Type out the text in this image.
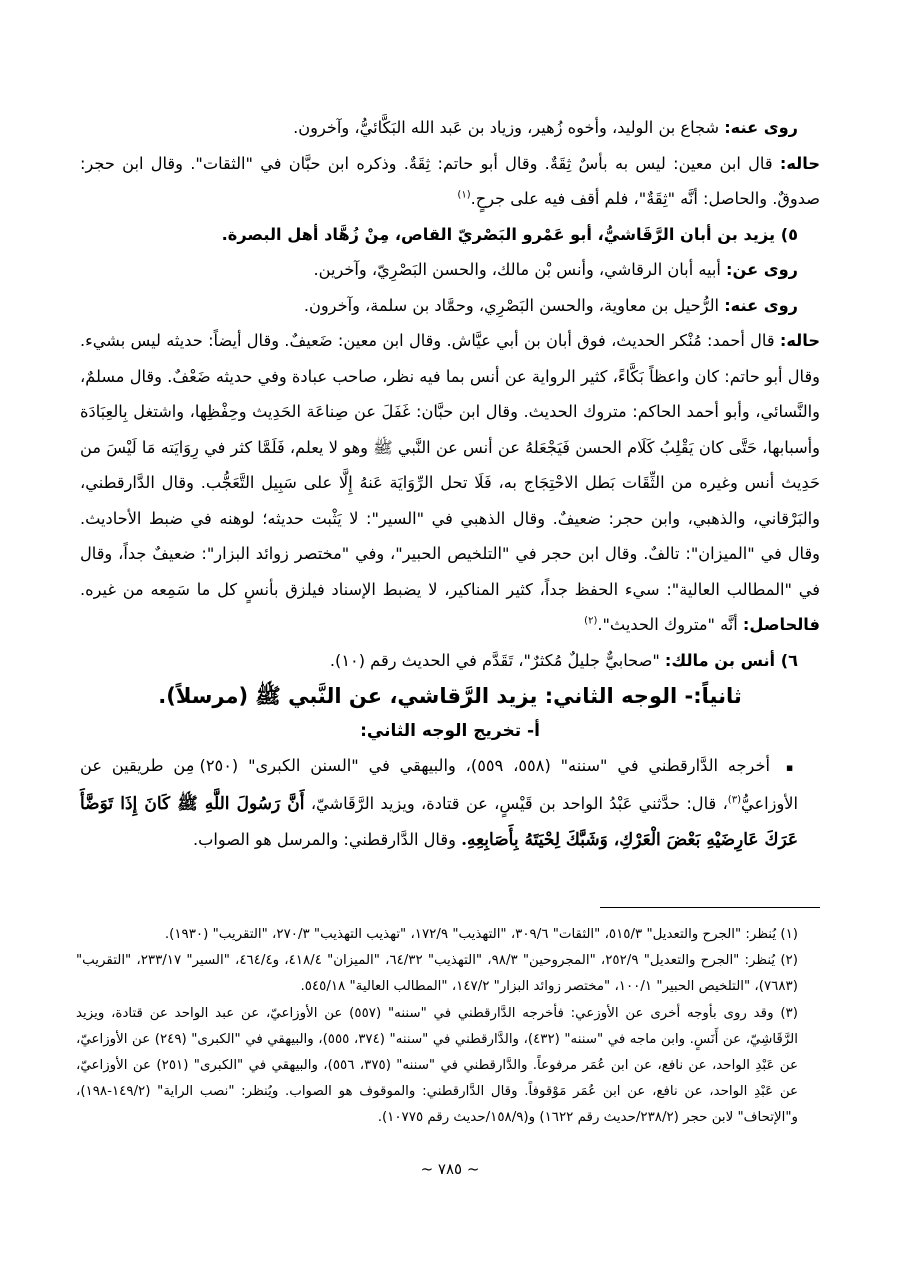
روى عنه: شجاع بن الوليد، وأخوه زُهير، وزياد بن عَبد الله البَكَّائيُّ، وآخرون.

حاله: قال ابن معين: ليس به بأسٌ ثِقَةٌ. وقال أبو حاتم: ثِقَةٌ. وذكره ابن حبَّان في "الثقات". وقال ابن حجر: صدوقٌ. والحاصل: أنَّه "ثِقَةٌ"، فلم أقف فيه على جرحٍ.$^{(١)}$

٥) يزيد بن أبان الرَّقَاشيُّ، أبو عَمْرو البَصْريّ القاص، مِنْ زُهَّاد أهل البصرة.

روى عن: أبيه أبان الرقاشي، وأنس بْن مالك، والحسن البَصْرِيّ، وآخرين.

روى عنه: الرُّحيل بن معاوية، والحسن البَصْرِي، وحمَّاد بن سلمة، وآخرون.

حاله: قال أحمد: مُنْكر الحديث، فوق أبان بن أبي عيَّاش. وقال ابن معين: ضَعيفٌ. وقال أيضاً: حديثه ليس بشيء. وقال أبو حاتم: كان واعظاً بَكَّاءً، كثير الرواية عن أنس بما فيه نظر، صاحب عبادة وفي حديثه ضَعْفٌ. وقال مسلمٌ، والنَّسائي، وأبو أحمد الحاكم: متروك الحديث. وقال ابن حبَّان: غَفَلَ عن صِناعَة الحَدِيث وحِفْظِها، واشتغل بِالعِبَادَة وأسبابها، حَتَّى كان يَقْلِبُ كَلَام الحسن فَيَجْعَلهُ عن أنس عن النَّبي ﷺ وهو لا يعلم، فَلَمَّا كثر في رِوَايَته مَا لَيْسَ من حَدِيث أنس وغيره من الثِّقَات بَطل الاحْتِجَاج به، فَلَا تحل الرِّوَايَة عَنهُ إِلَّا على سَبِيل التَّعَجُّب. وقال الدَّارقطني، والبَرْقاني، والذهبي، وابن حجر: ضعيفٌ. وقال الذهبي في "السير": لا يَثْبت حديثه؛ لوهنه في ضبط الأحاديث. وقال في "الميزان": تالفٌ. وقال ابن حجر في "التلخيص الحبير"، وفي "مختصر زوائد البزار": ضعيفٌ جداً، وقال في "المطالب العالية": سيء الحفظ جداً، كثير المناكير، لا يضبط الإسناد فيلزق بأنسٍ كل ما سَمِعه من غيره. فالحاصل: أنَّه "متروك الحديث".$^{(٢)}$

٦) أنس بن مالك: "صحابيٌّ جليلٌ مُكثرٌ"، تَقَدَّم في الحديث رقم (١٠).

ثانياً:- الوجه الثاني: يزيد الرَّقاشي، عن النَّبي ﷺ (مرسلاً).

أ- تخريج الوجه الثاني:

▪ أخرجه الدَّارقطني في "سننه" (٥٥٨، ٥٥٩)، والبيهقي في "السنن الكبرى" (٢٥٠) مِن طريقين عن الأوزاعيُّ$^{(٣)}$، قال: حدَّثني عَبْدُ الواحد بن قَيْسٍ، عن قتادة، ويزيد الرَّقَاشيّ، أَنَّ رَسُولَ اللَّهِ ﷺ كَانَ إِذَا تَوَضَّأَ عَرَكَ عَارِضَيْهِ بَعْضَ الْعَرْكِ، وَشَبَّكَ لِحْيَتَهُ بِأَصَابِعِهِ. وقال الدَّارقطني: والمرسل هو الصواب.

(١) يُنظر: "الجرح والتعديل" ٥١٥/٣، "الثقات" ٣٠٩/٦، "التهذيب" ١٧٢/٩، "تهذيب التهذيب" ٢٧٠/٣، "التقريب" (١٩٣٠).

(٢) يُنظر: "الجرح والتعديل" ٢٥٢/٩، "المجروحين" ٩٨/٣، "التهذيب" ٦٤/٣٢، "الميزان" ٤١٨/٤، و٤٦٤/٤، "السير" ٢٣٣/١٧، "التقريب" (٧٦٨٣)، "التلخيص الحبير" ١٠٠/١، "مختصر زوائد البزار" ١٤٧/٢، "المطالب العالية" ٥٤٥/١٨.

(٣) وقد روى بأوجه أخرى عن الأوزعي: فأخرجه الدَّارقطني في "سننه" (٥٥٧) عن الأوزاعيّ، عن عبد الواحد عن قتادة، ويزيد الرَّقَاشِيّ، عن أَنَسٍ. وابن ماجه في "سننه" (٤٣٢)، والدَّارقطني في "سننه" (٣٧٤، ٥٥٥)، والبيهقي في "الكبرى" (٢٤٩) عن الأوزاعيّ، عن عَبْدِ الواحد، عن نافع، عن ابن عُمَر مرفوعاً. والدَّارقطني في "سننه" (٣٧٥، ٥٥٦)، والبيهقي في "الكبرى" (٢٥١) عن الأوزاعيّ، عن عَبْدِ الواحد، عن نافع، عن ابن عُمَر مَوْقوفاً. وقال الدَّارقطني: والموقوف هو الصواب. ويُنظر: "نصب الراية" (١٤٩/٢-١٩٨)، و"الإتحاف" لابن حجر (٢٣٨/٢/حديث رقم ١٦٢٢) و(١٥٨/٩/حديث رقم ١٠٧٧٥).

~ ٧٨٥ ~
